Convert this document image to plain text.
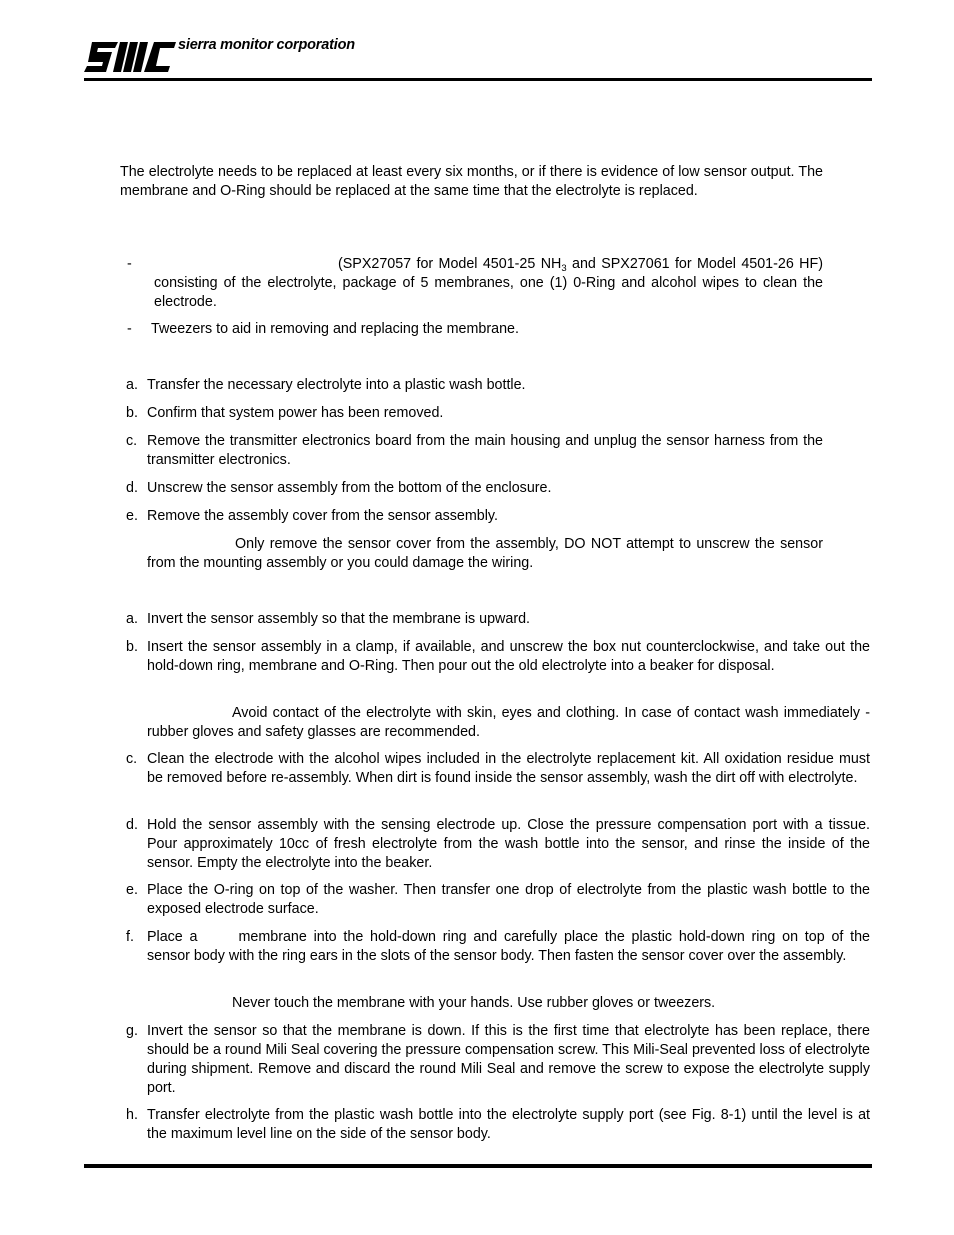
sierra monitor corporation
The electrolyte needs to be replaced at least every six months, or if there is evidence of low sensor output. The membrane and O-Ring should be replaced at the same time that the electrolyte is replaced.
-	(SPX27057 for Model 4501-25 $NH_3$ and SPX27061 for Model 4501-26 HF) consisting of the electrolyte, package of 5 membranes, one (1) 0-Ring and alcohol wipes to clean the electrode.
- Tweezers to aid in removing and replacing the membrane.
a. Transfer the necessary electrolyte into a plastic wash bottle.
b. Confirm that system power has been removed.
c. Remove the transmitter electronics board from the main housing and unplug the sensor harness from the transmitter electronics.
d. Unscrew the sensor assembly from the bottom of the enclosure.
e. Remove the assembly cover from the sensor assembly.
Only remove the sensor cover from the assembly, DO NOT attempt to unscrew the sensor from the mounting assembly or you could damage the wiring.
a. Invert the sensor assembly so that the membrane is upward.
b. Insert the sensor assembly in a clamp, if available, and unscrew the box nut counterclockwise, and take out the hold-down ring, membrane and O-Ring. Then pour out the old electrolyte into a beaker for disposal.
Avoid contact of the electrolyte with skin, eyes and clothing. In case of contact wash immediately - rubber gloves and safety glasses are recommended.
c. Clean the electrode with the alcohol wipes included in the electrolyte replacement kit. All oxidation residue must be removed before re-assembly. When dirt is found inside the sensor assembly, wash the dirt off with electrolyte.
d. Hold the sensor assembly with the sensing electrode up. Close the pressure compensation port with a tissue. Pour approximately 10cc of fresh electrolyte from the wash bottle into the sensor, and rinse the inside of the sensor. Empty the electrolyte into the beaker.
e. Place the O-ring on top of the washer. Then transfer one drop of electrolyte from the plastic wash bottle to the exposed electrode surface.
f. Place a	membrane into the hold-down ring and carefully place the plastic hold-down ring on top of the sensor body with the ring ears in the slots of the sensor body. Then fasten the sensor cover over the assembly.
Never touch the membrane with your hands. Use rubber gloves or tweezers.
g. Invert the sensor so that the membrane is down. If this is the first time that electrolyte has been replace, there should be a round Mili Seal covering the pressure compensation screw. This Mili-Seal prevented loss of electrolyte during shipment. Remove and discard the round Mili Seal and remove the screw to expose the electrolyte supply port.
h. Transfer electrolyte from the plastic wash bottle into the electrolyte supply port (see Fig. 8-1) until the level is at the maximum level line on the side of the sensor body.
